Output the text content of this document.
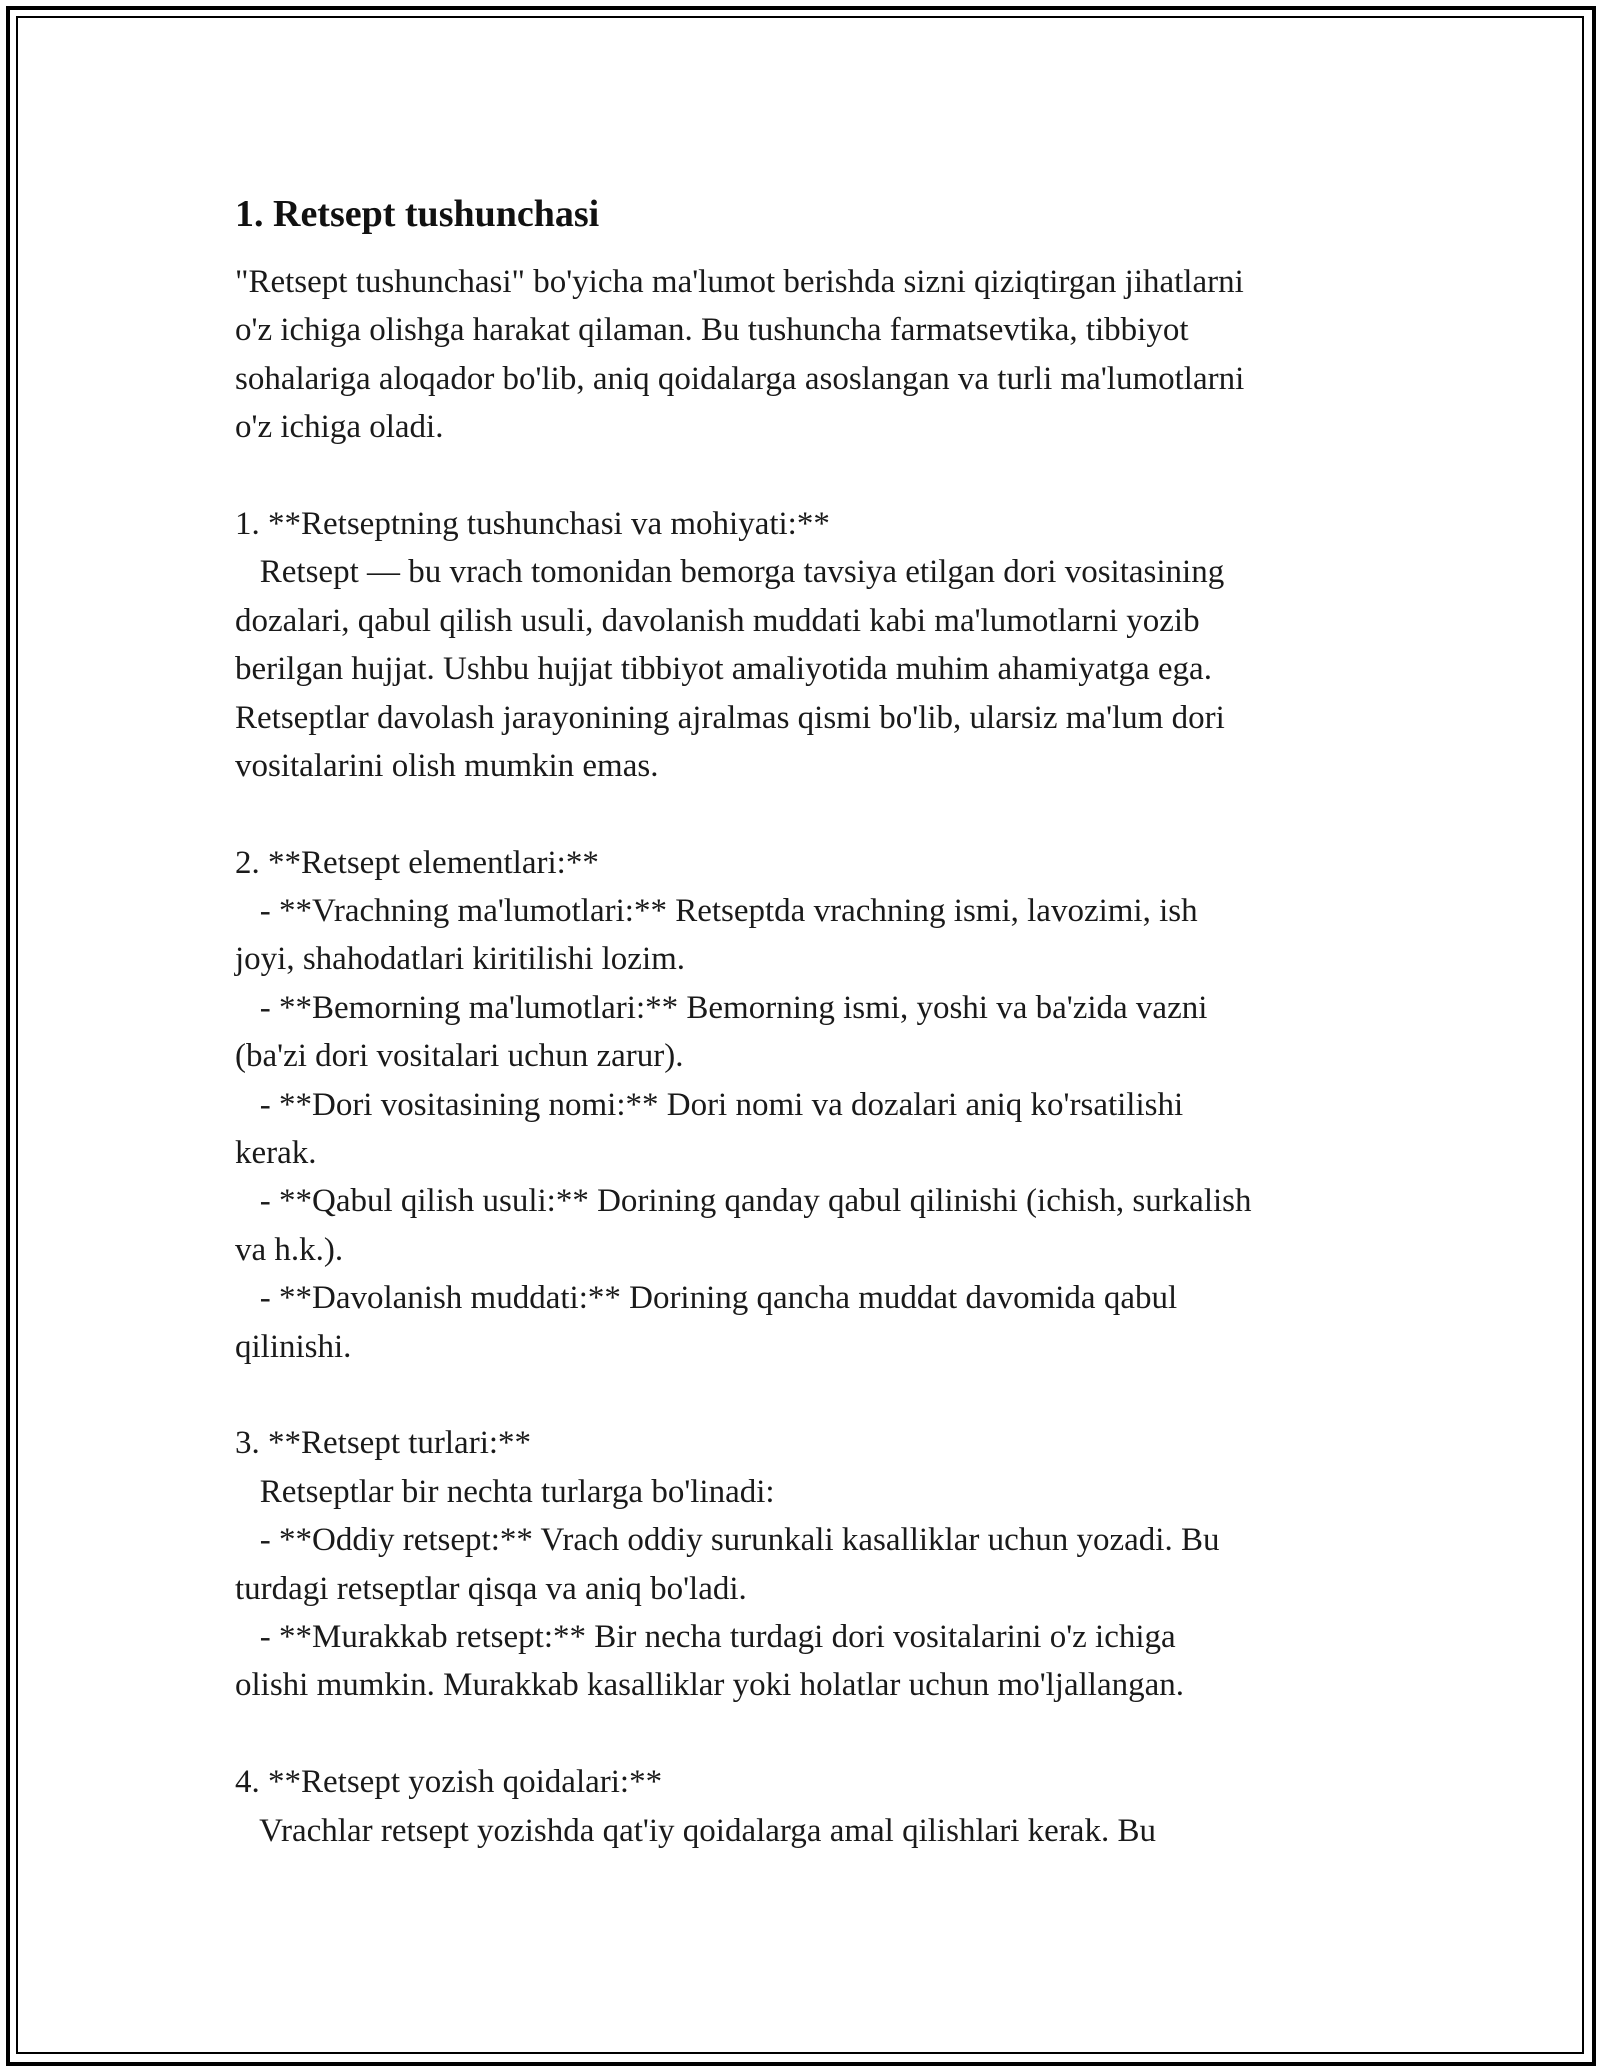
1. Retsept tushunchasi
"Retsept tushunchasi" bo'yicha ma'lumot berishda sizni qiziqtirgan jihatlarni
o'z ichiga olishga harakat qilaman. Bu tushuncha farmatsevtika, tibbiyot
sohalariga aloqador bo'lib, aniq qoidalarga asoslangan va turli ma'lumotlarni
o'z ichiga oladi.
1. **Retseptning tushunchasi va mohiyati:**
Retsept — bu vrach tomonidan bemorga tavsiya etilgan dori vositasining
dozalari, qabul qilish usuli, davolanish muddati kabi ma'lumotlarni yozib
berilgan hujjat. Ushbu hujjat tibbiyot amaliyotida muhim ahamiyatga ega.
Retseptlar davolash jarayonining ajralmas qismi bo'lib, ularsiz ma'lum dori
vositalarini olish mumkin emas.
2. **Retsept elementlari:**
- **Vrachning ma'lumotlari:** Retseptda vrachning ismi, lavozimi, ish
joyi, shahodatlari kiritilishi lozim.
- **Bemorning ma'lumotlari:** Bemorning ismi, yoshi va ba'zida vazni
(ba'zi dori vositalari uchun zarur).
- **Dori vositasining nomi:** Dori nomi va dozalari aniq ko'rsatilishi
kerak.
- **Qabul qilish usuli:** Dorining qanday qabul qilinishi (ichish, surkalish
va h.k.).
- **Davolanish muddati:** Dorining qancha muddat davomida qabul
qilinishi.
3. **Retsept turlari:**
Retseptlar bir nechta turlarga bo'linadi:
- **Oddiy retsept:** Vrach oddiy surunkali kasalliklar uchun yozadi. Bu
turdagi retseptlar qisqa va aniq bo'ladi.
- **Murakkab retsept:** Bir necha turdagi dori vositalarini o'z ichiga
olishi mumkin. Murakkab kasalliklar yoki holatlar uchun mo'ljallangan.
4. **Retsept yozish qoidalari:**
Vrachlar retsept yozishda qat'iy qoidalarga amal qilishlari kerak. Bu
